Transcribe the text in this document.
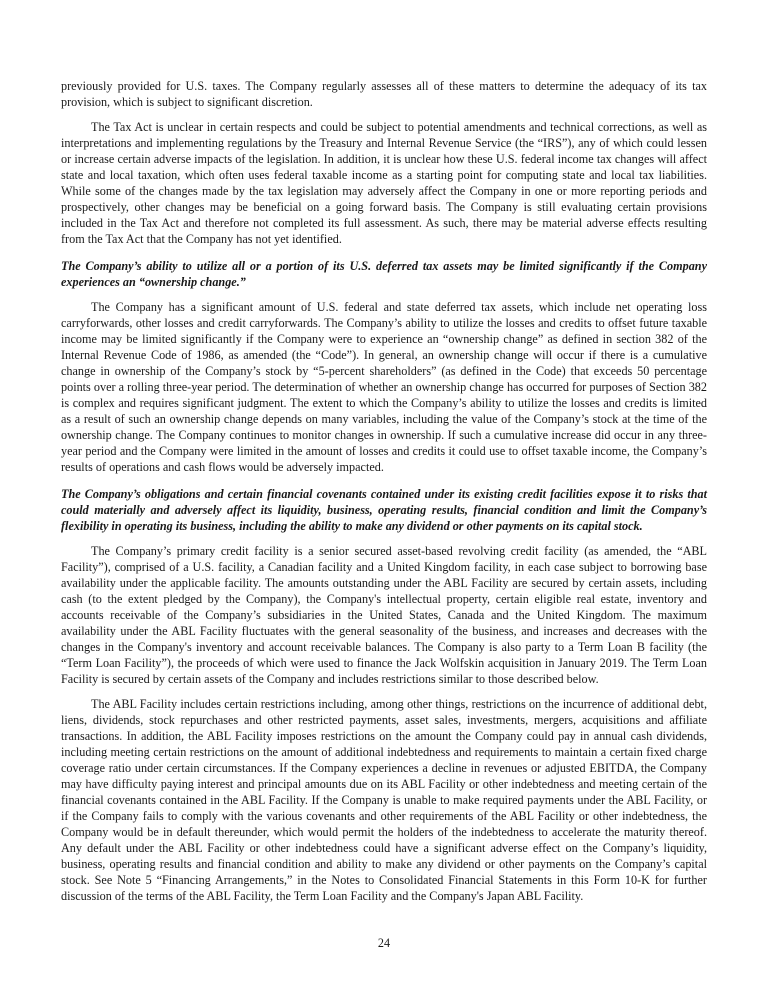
previously provided for U.S. taxes. The Company regularly assesses all of these matters to determine the adequacy of its tax provision, which is subject to significant discretion.

The Tax Act is unclear in certain respects and could be subject to potential amendments and technical corrections, as well as interpretations and implementing regulations by the Treasury and Internal Revenue Service (the “IRS”), any of which could lessen or increase certain adverse impacts of the legislation. In addition, it is unclear how these U.S. federal income tax changes will affect state and local taxation, which often uses federal taxable income as a starting point for computing state and local tax liabilities. While some of the changes made by the tax legislation may adversely affect the Company in one or more reporting periods and prospectively, other changes may be beneficial on a going forward basis. The Company is still evaluating certain provisions included in the Tax Act and therefore not completed its full assessment. As such, there may be material adverse effects resulting from the Tax Act that the Company has not yet identified.

The Company’s ability to utilize all or a portion of its U.S. deferred tax assets may be limited significantly if the Company experiences an “ownership change.”

The Company has a significant amount of U.S. federal and state deferred tax assets, which include net operating loss carryforwards, other losses and credit carryforwards. The Company’s ability to utilize the losses and credits to offset future taxable income may be limited significantly if the Company were to experience an “ownership change” as defined in section 382 of the Internal Revenue Code of 1986, as amended (the “Code”). In general, an ownership change will occur if there is a cumulative change in ownership of the Company’s stock by “5-percent shareholders” (as defined in the Code) that exceeds 50 percentage points over a rolling three-year period. The determination of whether an ownership change has occurred for purposes of Section 382 is complex and requires significant judgment. The extent to which the Company’s ability to utilize the losses and credits is limited as a result of such an ownership change depends on many variables, including the value of the Company’s stock at the time of the ownership change. The Company continues to monitor changes in ownership. If such a cumulative increase did occur in any three-year period and the Company were limited in the amount of losses and credits it could use to offset taxable income, the Company’s results of operations and cash flows would be adversely impacted.

The Company’s obligations and certain financial covenants contained under its existing credit facilities expose it to risks that could materially and adversely affect its liquidity, business, operating results, financial condition and limit the Company’s flexibility in operating its business, including the ability to make any dividend or other payments on its capital stock.

The Company’s primary credit facility is a senior secured asset-based revolving credit facility (as amended, the “ABL Facility”), comprised of a U.S. facility, a Canadian facility and a United Kingdom facility, in each case subject to borrowing base availability under the applicable facility. The amounts outstanding under the ABL Facility are secured by certain assets, including cash (to the extent pledged by the Company), the Company's intellectual property, certain eligible real estate, inventory and accounts receivable of the Company’s subsidiaries in the United States, Canada and the United Kingdom. The maximum availability under the ABL Facility fluctuates with the general seasonality of the business, and increases and decreases with the changes in the Company's inventory and account receivable balances. The Company is also party to a Term Loan B facility (the “Term Loan Facility”), the proceeds of which were used to finance the Jack Wolfskin acquisition in January 2019. The Term Loan Facility is secured by certain assets of the Company and includes restrictions similar to those described below.

The ABL Facility includes certain restrictions including, among other things, restrictions on the incurrence of additional debt, liens, dividends, stock repurchases and other restricted payments, asset sales, investments, mergers, acquisitions and affiliate transactions. In addition, the ABL Facility imposes restrictions on the amount the Company could pay in annual cash dividends, including meeting certain restrictions on the amount of additional indebtedness and requirements to maintain a certain fixed charge coverage ratio under certain circumstances. If the Company experiences a decline in revenues or adjusted EBITDA, the Company may have difficulty paying interest and principal amounts due on its ABL Facility or other indebtedness and meeting certain of the financial covenants contained in the ABL Facility. If the Company is unable to make required payments under the ABL Facility, or if the Company fails to comply with the various covenants and other requirements of the ABL Facility or other indebtedness, the Company would be in default thereunder, which would permit the holders of the indebtedness to accelerate the maturity thereof. Any default under the ABL Facility or other indebtedness could have a significant adverse effect on the Company’s liquidity, business, operating results and financial condition and ability to make any dividend or other payments on the Company’s capital stock. See Note 5 “Financing Arrangements,” in the Notes to Consolidated Financial Statements in this Form 10-K for further discussion of the terms of the ABL Facility, the Term Loan Facility and the Company's Japan ABL Facility.

24
